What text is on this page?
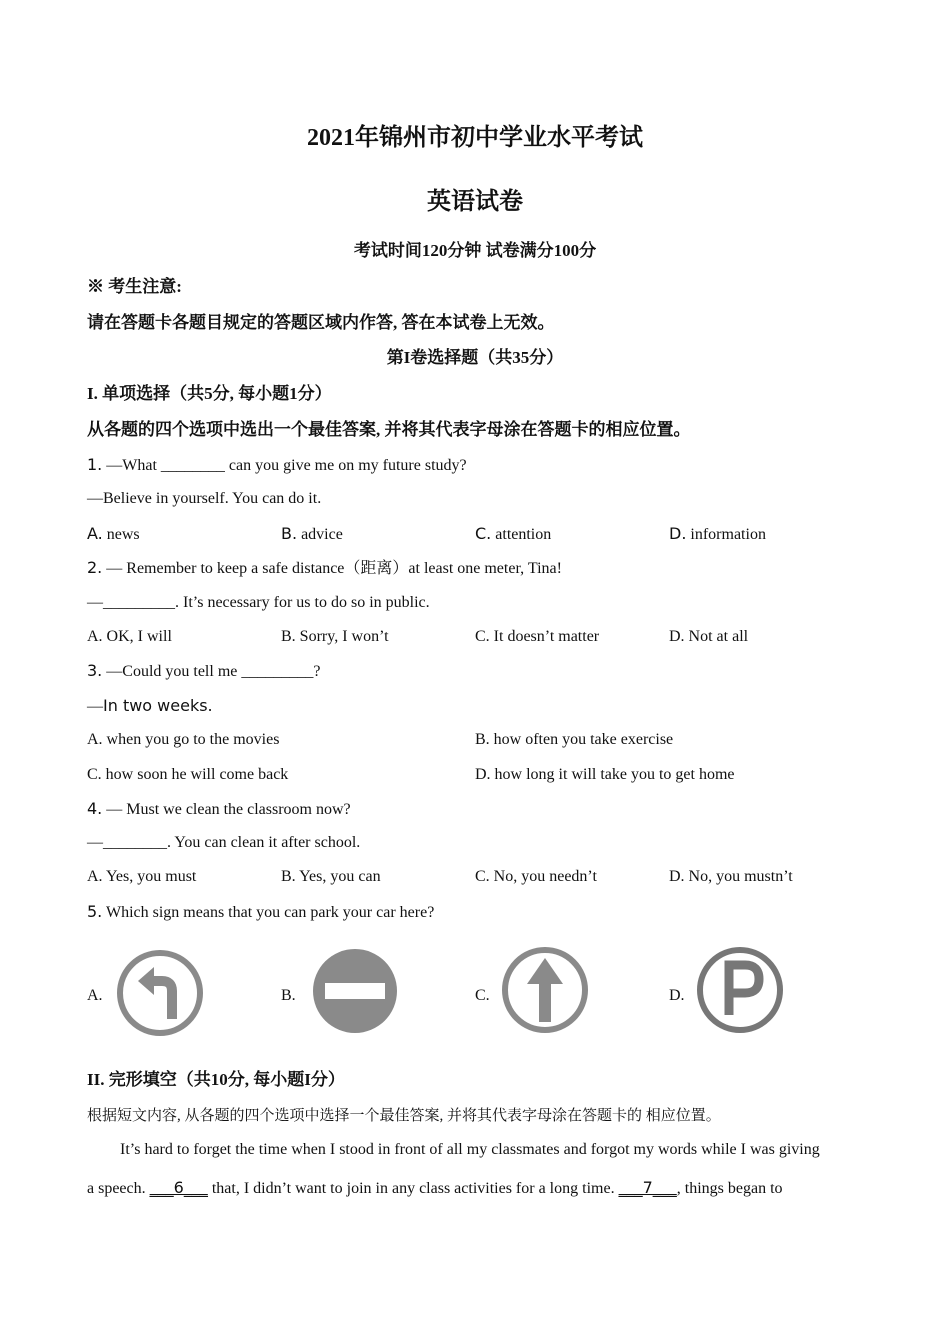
2021年锦州市初中学业水平考试
英语试卷
考试时间120分钟 试卷满分100分
※ 考生注意:
请在答题卡各题目规定的答题区域内作答, 答在本试卷上无效。
第I卷选择题（共35分）
I. 单项选择（共5分, 每小题1分）
从各题的四个选项中选出一个最佳答案, 并将其代表字母涂在答题卡的相应位置。
1. —What ________ can you give me on my future study?
—Believe in yourself. You can do it.
A. news	B. advice	C. attention	D. information
2. — Remember to keep a safe distance（距离）at least one meter, Tina!
—_________. It’s necessary for us to do so in public.
A. OK, I will	B. Sorry, I won’t	C. It doesn’t matter	D. Not at all
3. —Could you tell me _________?
—In two weeks.
A. when you go to the movies	B. how often you take exercise
C. how soon he will come back	D. how long it will take you to get home
4. — Must we clean the classroom now?
—________. You can clean it after school.
A. Yes, you must	B. Yes, you can	C. No, you needn’t	D. No, you mustn’t
5. Which sign means that you can park your car here?
A.	B.	C.	D.
II. 完形填空（共10分, 每小题I分）
根据短文内容, 从各题的四个选项中选择一个最佳答案, 并将其代表字母涂在答题卡的 相应位置。
It’s hard to forget the time when I stood in front of all my classmates and forgot my words while I was giving
a speech. ___6___ that, I didn’t want to join in any class activities for a long time. ___7___, things began to
